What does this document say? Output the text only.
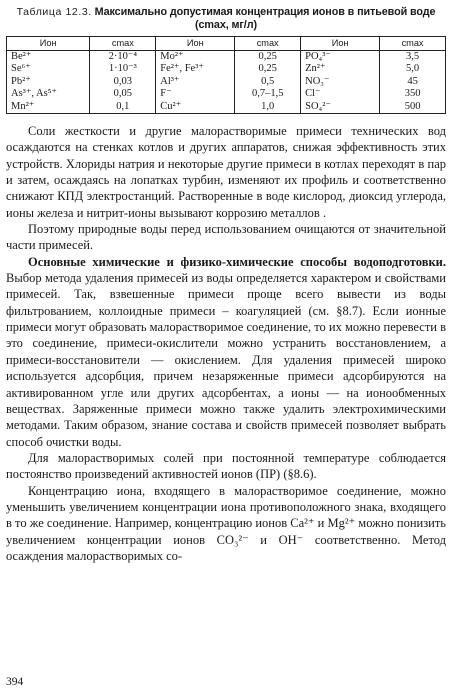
Таблица 12.3. Максимально допустимая концентрация ионов в питьевой воде
(cmax, мг/л)
Ион	cmax	Ион	cmax	Ион	cmax
Be²⁺	2·10⁻⁴	Mo²⁺	0,25	PO₄³⁻	3,5
Se⁶⁺	1·10⁻³	Fe²⁺, Fe³⁺	0,25	Zn²⁺	5,0
Pb²⁺	0,03	Al³⁺	0,5	NO₃⁻	45
As³⁺, As⁵⁺	0,05	F⁻	0,7–1,5	Cl⁻	350
Mn²⁺	0,1	Cu²⁺	1,0	SO₄²⁻	500

Соли жесткости и другие малорастворимые примеси технических вод осаждаются на стенках котлов и других аппаратов, снижая эффективность этих устройств. Хлориды натрия и некоторые другие примеси в котлах переходят в пар и затем, осаждаясь на лопатках турбин, изменяют их профиль и соответственно снижают КПД электростанций. Растворенные в воде кислород, диоксид углерода, ионы железа и нитрит-ионы вызывают коррозию металлов .

Поэтому природные воды перед использованием очищаются от значительной части примесей.

Основные химические и физико-химические способы водоподготовки. Выбор метода удаления примесей из воды определяется характером и свойствами примесей. Так, взвешенные примеси проще всего вывести из воды фильтрованием, коллоидные примеси – коагуляцией (см. §8.7). Если ионные примеси могут образовать малорастворимое соединение, то их можно перевести в это соединение, примеси-окислители можно устранить восстановлением, а примеси-восстановители — окислением. Для удаления примесей широко используется адсорбция, причем незаряженные примеси адсорбируются на активированном угле или других адсорбентах, а ионы — на ионообменных веществах. Заряженные примеси можно также удалить электрохимическими методами. Таким образом, знание состава и свойств примесей позволяет выбрать способ очистки воды.

Для малорастворимых солей при постоянной температуре соблюдается постоянство произведений активностей ионов (ПР) (§8.6).

Концентрацию иона, входящего в малорастворимое соединение, можно уменьшить увеличением концентрации иона противоположного знака, входящего в то же соединение. Например, концентрацию ионов Ca²⁺ и Mg²⁺ можно понизить увеличением концентрации ионов CO₃²⁻ и OH⁻ соответственно. Метод осаждения малорастворимых со-

394
